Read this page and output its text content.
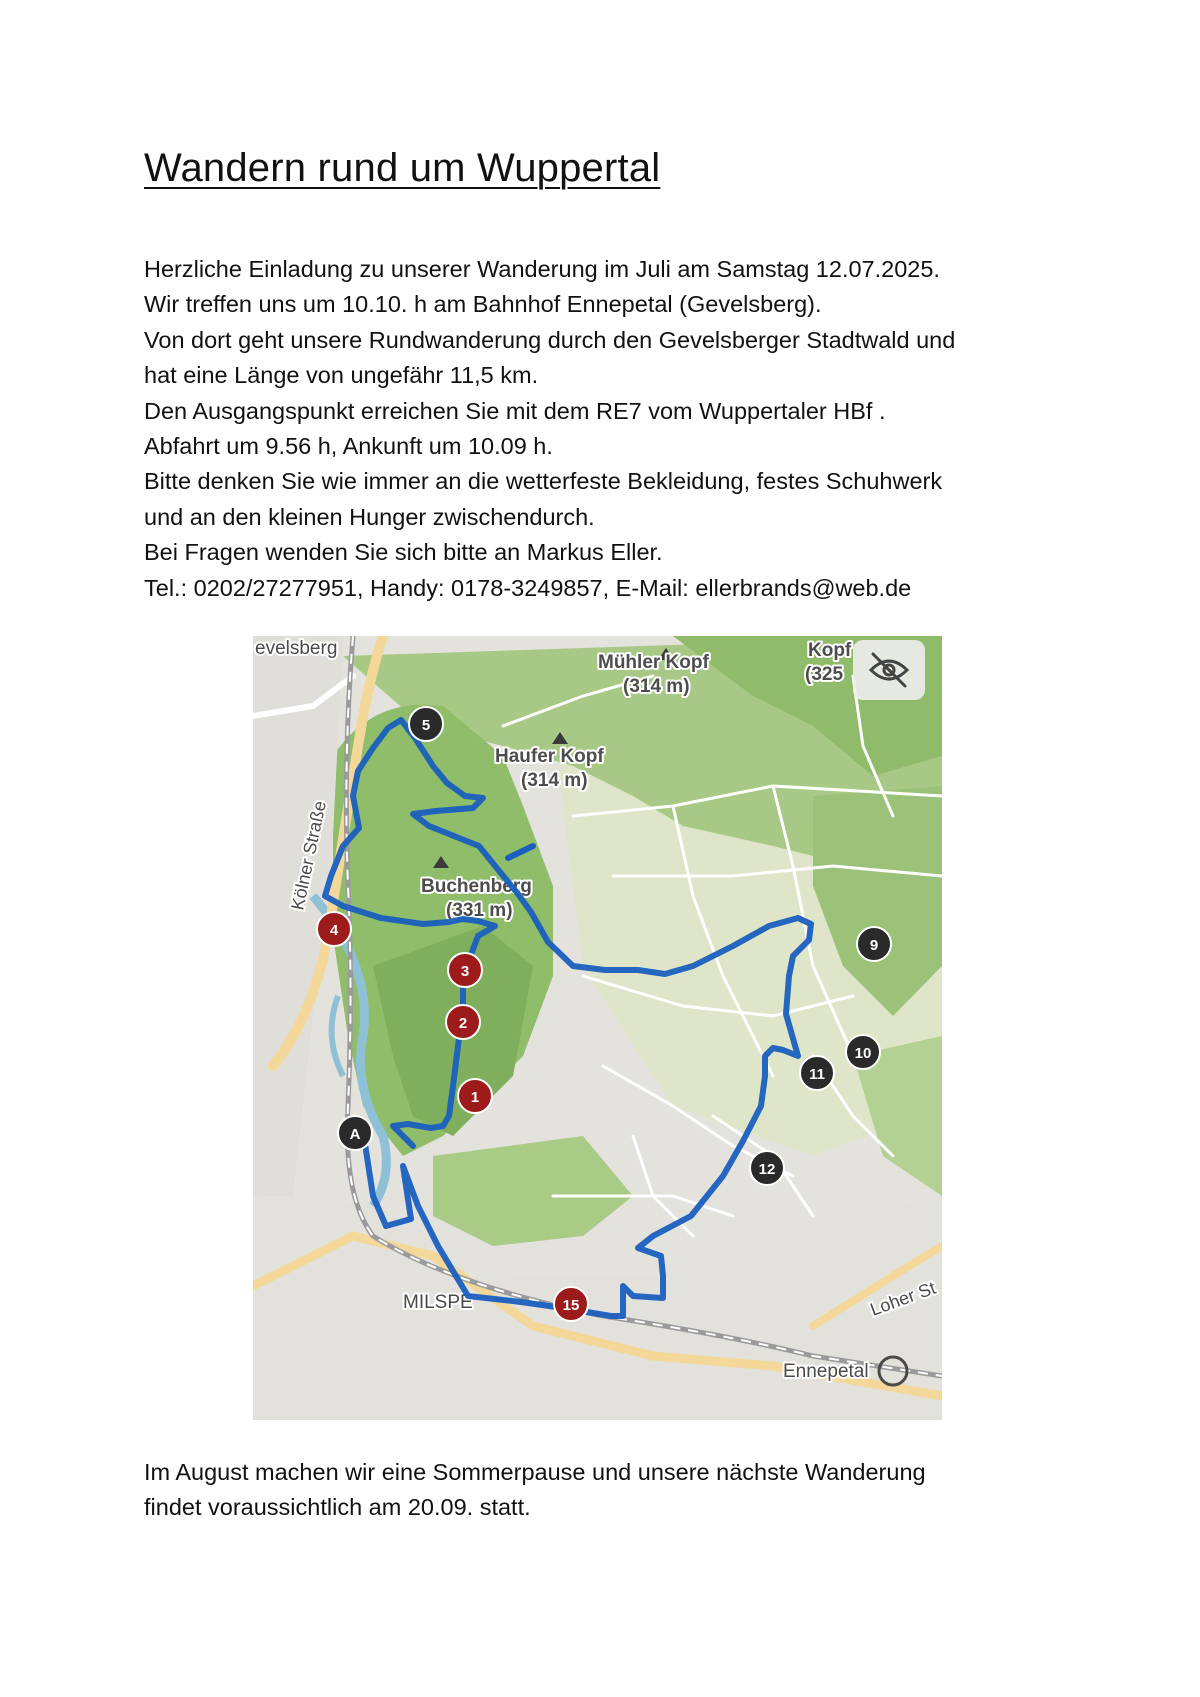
Wandern rund um Wuppertal
Herzliche Einladung zu unserer Wanderung im Juli am Samstag 12.07.2025.
Wir treffen uns um 10.10. h am Bahnhof Ennepetal (Gevelsberg).
Von dort geht unsere Rundwanderung durch den Gevelsberger Stadtwald und
hat eine Länge von ungefähr 11,5 km.
Den Ausgangspunkt erreichen Sie mit dem RE7 vom Wuppertaler HBf .
Abfahrt um 9.56 h, Ankunft um 10.09 h.
Bitte denken Sie wie immer an die wetterfeste Bekleidung, festes Schuhwerk
und an den kleinen Hunger zwischendurch.
Bei Fragen wenden Sie sich bitte an Markus Eller.
Tel.: 0202/27277951, Handy: 0178-3249857, E-Mail: ellerbrands@web.de
evelsberg
MILSPE
Ennepetal
Kölner Straße
Loher St
Mühler Kopf
(314 m)
Haufer Kopf
(314 m)
Buchenberg
(331 m)
Kopf
(325
A
1
2
3
4
5
9
10
11
12
15
Im August machen wir eine Sommerpause und unsere nächste Wanderung
findet voraussichtlich am 20.09. statt.
